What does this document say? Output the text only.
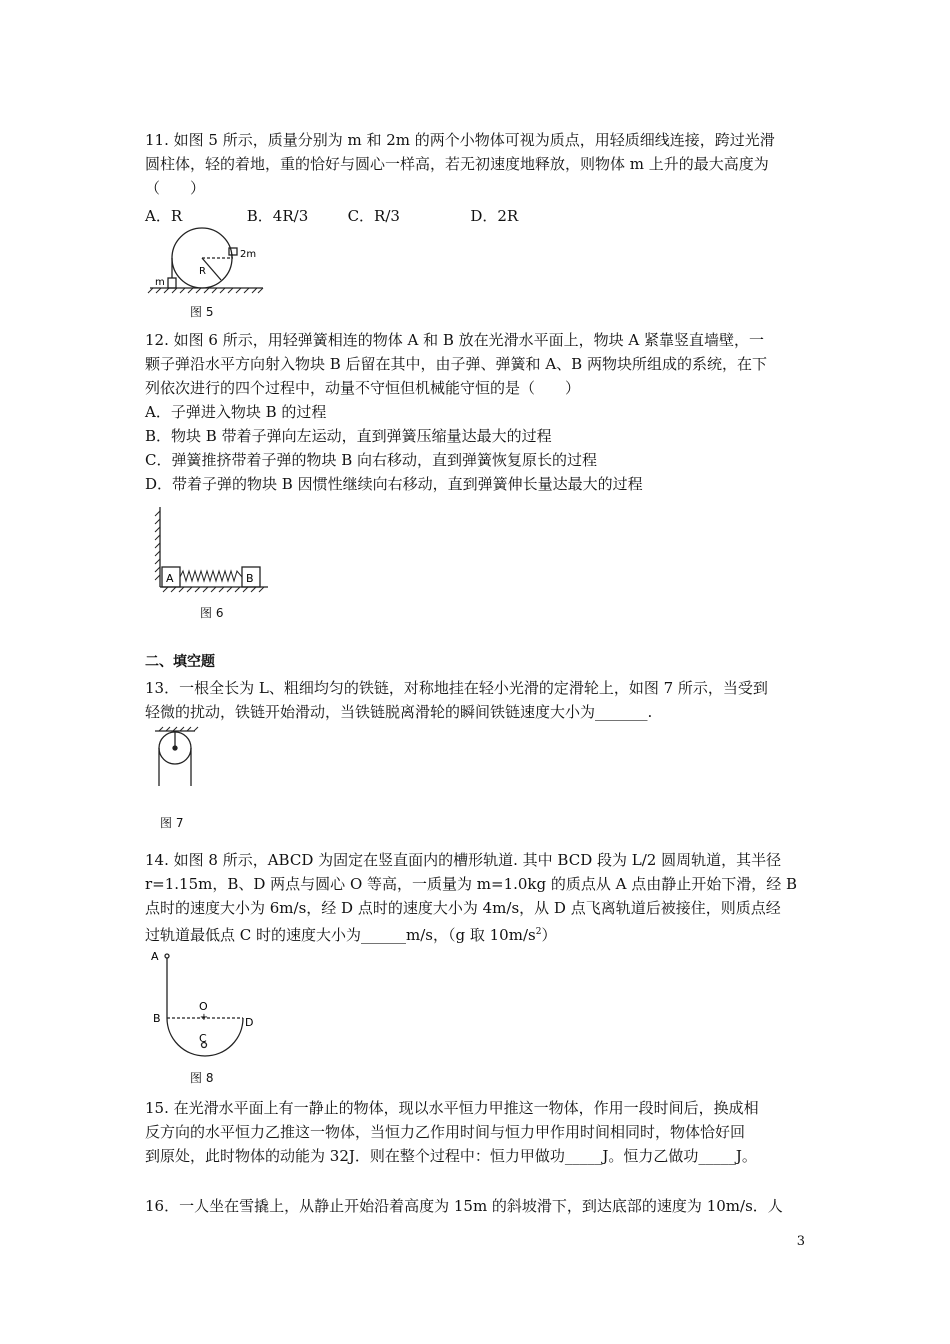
11. 如图 5 所示，质量分别为 m 和 2m 的两个小物体可视为质点，用轻质细线连接，跨过光滑
圆柱体，轻的着地，重的恰好与圆心一样高，若无初速度地释放，则物体 m 上升的最大高度为
（　　）
A．R	B．4R/3	C．R/3	D．2R
m
R
2m
图 5
12. 如图 6 所示，用轻弹簧相连的物体 A 和 B 放在光滑水平面上，物块 A 紧靠竖直墙壁，一
颗子弹沿水平方向射入物块 B 后留在其中，由子弹、弹簧和 A、B 两物块所组成的系统，在下
列依次进行的四个过程中，动量不守恒但机械能守恒的是（　　）
A．子弹进入物块 B 的过程
B．物块 B 带着子弹向左运动，直到弹簧压缩量达最大的过程
C．弹簧推挤带着子弹的物块 B 向右移动，直到弹簧恢复原长的过程
D．带着子弹的物块 B 因惯性继续向右移动，直到弹簧伸长量达最大的过程
A	B
图 6
二、填空题
13．一根全长为 L、粗细均匀的铁链，对称地挂在轻小光滑的定滑轮上，如图 7 所示，当受到
轻微的扰动，铁链开始滑动，当铁链脱离滑轮的瞬间铁链速度大小为_______.
图 7
14. 如图 8 所示，ABCD 为固定在竖直面内的槽形轨道. 其中 BCD 段为 L/2 圆周轨道，其半径
r=1.15m，B、D 两点与圆心 O 等高，一质量为 m=1.0kg 的质点从 A 点由静止开始下滑，经 B
点时的速度大小为 6m/s，经 D 点时的速度大小为 4m/s，从 D 点飞离轨道后被接住，则质点经
过轨道最低点 C 时的速度大小为______m/s，（g 取 $10m/s^2$）
+
A
B
O
C
D
图 8
15. 在光滑水平面上有一静止的物体，现以水平恒力甲推这一物体，作用一段时间后，换成相
反方向的水平恒力乙推这一物体，当恒力乙作用时间与恒力甲作用时间相同时，物体恰好回
到原处，此时物体的动能为 32J．则在整个过程中：恒力甲做功_____J。恒力乙做功_____J。
16．一人坐在雪撬上，从静止开始沿着高度为 15m 的斜坡滑下，到达底部的速度为 10m/s．人
3
